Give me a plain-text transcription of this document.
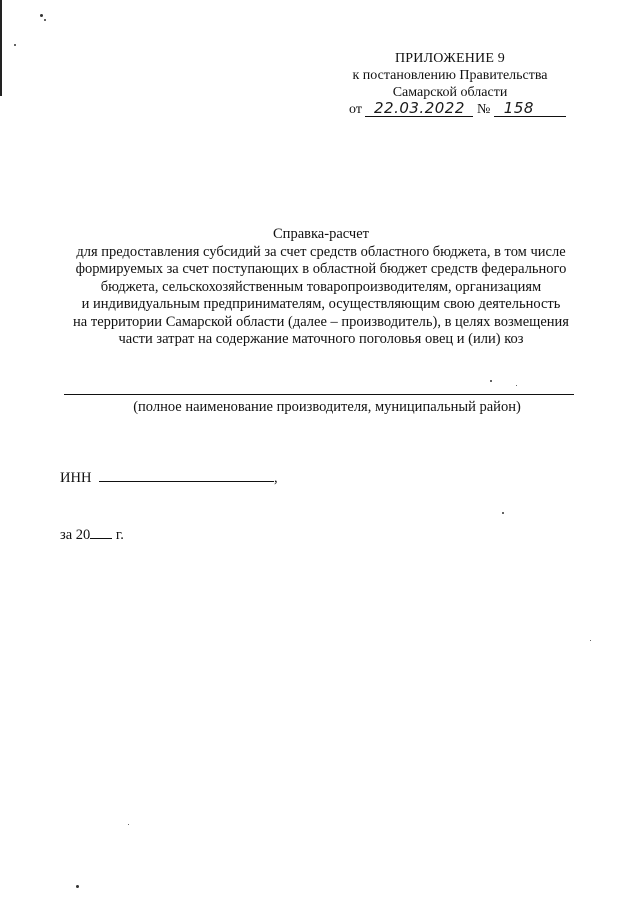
ПРИЛОЖЕНИЕ 9
к постановлению Правительства
Самарской области
от 22.03.2022 № 158
Справка-расчет
для предоставления субсидий за счет средств областного бюджета, в том числе
формируемых за счет поступающих в областной бюджет средств федерального
бюджета, сельскохозяйственным товаропроизводителям, организациям
и индивидуальным предпринимателям, осуществляющим свою деятельность
на территории Самарской области (далее – производитель), в целях возмещения
части затрат на содержание маточного поголовья овец и (или) коз
(полное наименование производителя, муниципальный район)
ИНН	,
за 20 г.
